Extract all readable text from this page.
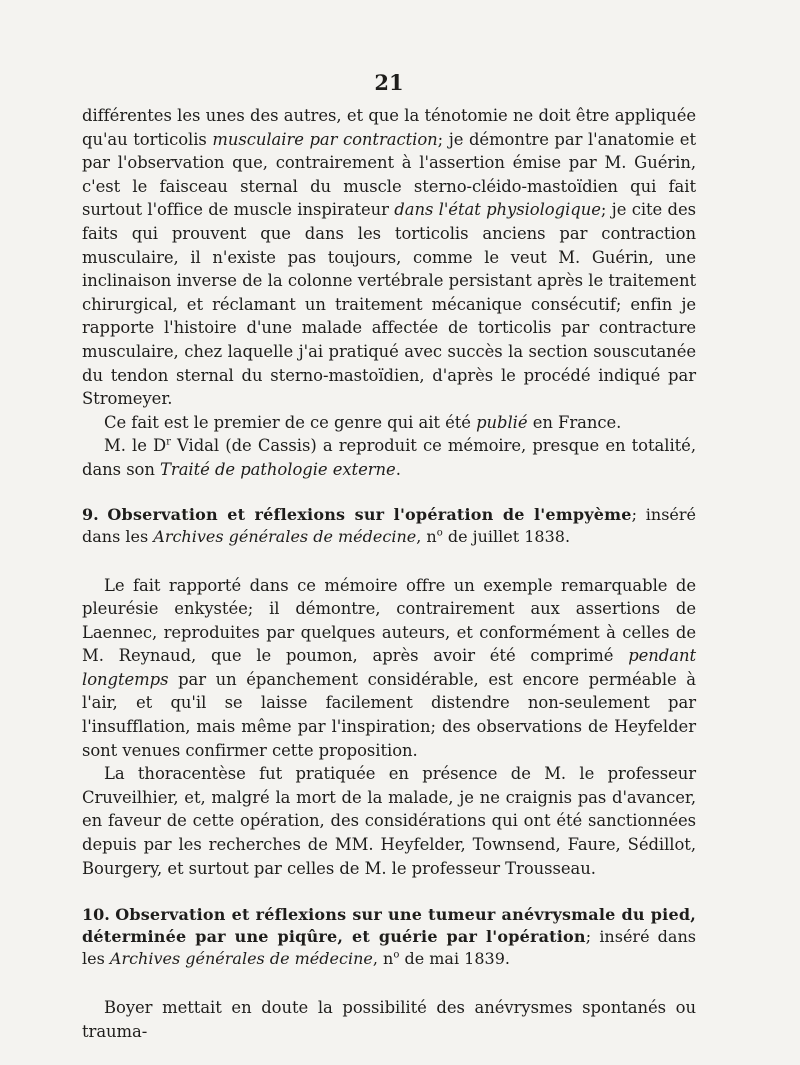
21

différentes les unes des autres, et que la ténotomie ne doit être appliquée qu'au torticolis musculaire par contraction; je démontre par l'anatomie et par l'observation que, contrairement à l'assertion émise par M. Guérin, c'est le faisceau sternal du muscle sterno-cléido-mastoïdien qui fait surtout l'office de muscle inspirateur dans l'état physiologique; je cite des faits qui prouvent que dans les torticolis anciens par contraction musculaire, il n'existe pas toujours, comme le veut M. Guérin, une inclinaison inverse de la colonne vertébrale persistant après le traitement chirurgical, et réclamant un traitement mécanique consécutif; enfin je rapporte l'histoire d'une malade affectée de torticolis par contracture musculaire, chez laquelle j'ai pratiqué avec succès la section souscutanée du tendon sternal du sterno-mastoïdien, d'après le procédé indiqué par Stromeyer.

Ce fait est le premier de ce genre qui ait été publié en France.

M. le $D^r$ Vidal (de Cassis) a reproduit ce mémoire, presque en totalité, dans son Traité de pathologie externe.

9. Observation et réflexions sur l'opération de l'empyème; inséré dans les Archives générales de médecine, $n^o$ de juillet 1838.

Le fait rapporté dans ce mémoire offre un exemple remarquable de pleurésie enkystée; il démontre, contrairement aux assertions de Laennec, reproduites par quelques auteurs, et conformément à celles de M. Reynaud, que le poumon, après avoir été comprimé pendant longtemps par un épanchement considérable, est encore perméable à l'air, et qu'il se laisse facilement distendre non-seulement par l'insufflation, mais même par l'inspiration; des observations de Heyfelder sont venues confirmer cette proposition.

La thoracentèse fut pratiquée en présence de M. le professeur Cruveilhier, et, malgré la mort de la malade, je ne craignis pas d'avancer, en faveur de cette opération, des considérations qui ont été sanctionnées depuis par les recherches de MM. Heyfelder, Townsend, Faure, Sédillot, Bourgery, et surtout par celles de M. le professeur Trousseau.

10. Observation et réflexions sur une tumeur anévrysmale du pied, déterminée par une piqûre, et guérie par l'opération; inséré dans les Archives générales de médecine, $n^o$ de mai 1839.

Boyer mettait en doute la possibilité des anévrysmes spontanés ou trauma-
